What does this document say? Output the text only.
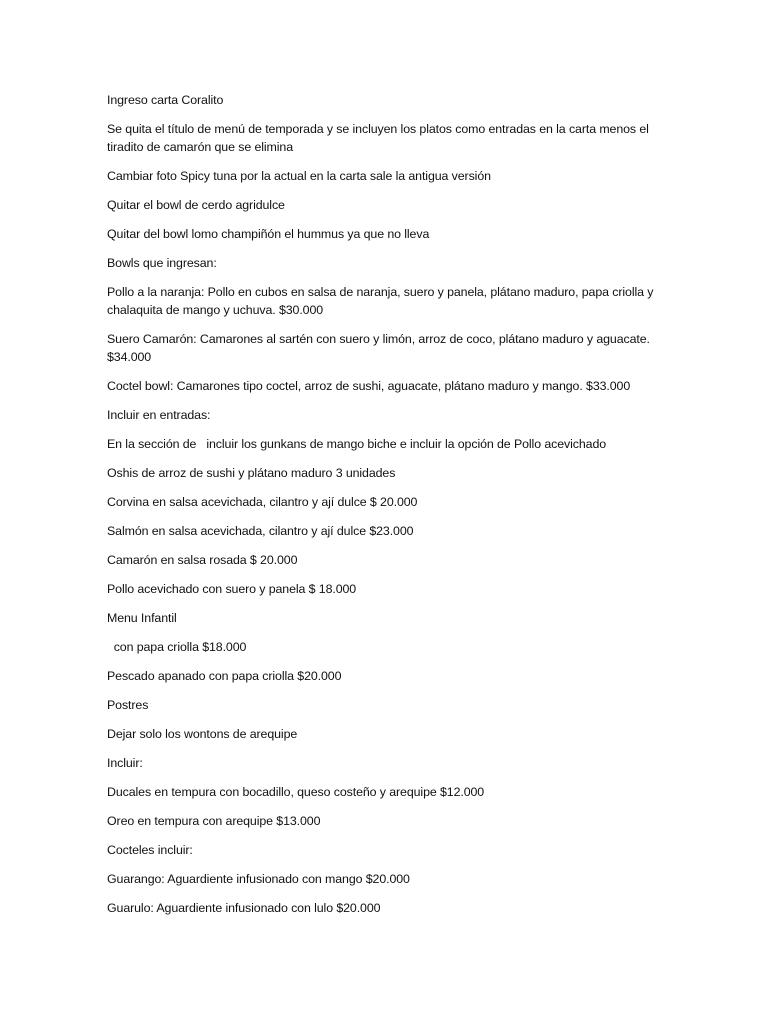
Ingreso carta Coralito

Se quita el título de menú de temporada y se incluyen los platos como entradas en la carta menos el tiradito de camarón que se elimina

Cambiar foto Spicy tuna por la actual en la carta sale la antigua versión

Quitar el bowl de cerdo agridulce

Quitar del bowl lomo champiñón el hummus ya que no lleva

Bowls que ingresan:

Pollo a la naranja: Pollo en cubos en salsa de naranja, suero y panela, plátano maduro, papa criolla y chalaquita de mango y uchuva. $30.000

Suero Camarón: Camarones al sartén con suero y limón, arroz de coco, plátano maduro y aguacate. $34.000

Coctel bowl: Camarones tipo coctel, arroz de sushi, aguacate, plátano maduro y mango. $33.000

Incluir en entradas:

En la sección de   incluir los gunkans de mango biche e incluir la opción de Pollo acevichado

Oshis de arroz de sushi y plátano maduro 3 unidades

Corvina en salsa acevichada, cilantro y ají dulce $ 20.000

Salmón en salsa acevichada, cilantro y ají dulce $23.000

Camarón en salsa rosada $ 20.000

Pollo acevichado con suero y panela $ 18.000

Menu Infantil

con papa criolla $18.000

Pescado apanado con papa criolla $20.000

Postres

Dejar solo los wontons de arequipe

Incluir:

Ducales en tempura con bocadillo, queso costeño y arequipe $12.000

Oreo en tempura con arequipe $13.000

Cocteles incluir:

Guarango: Aguardiente infusionado con mango $20.000

Guarulo: Aguardiente infusionado con lulo $20.000
